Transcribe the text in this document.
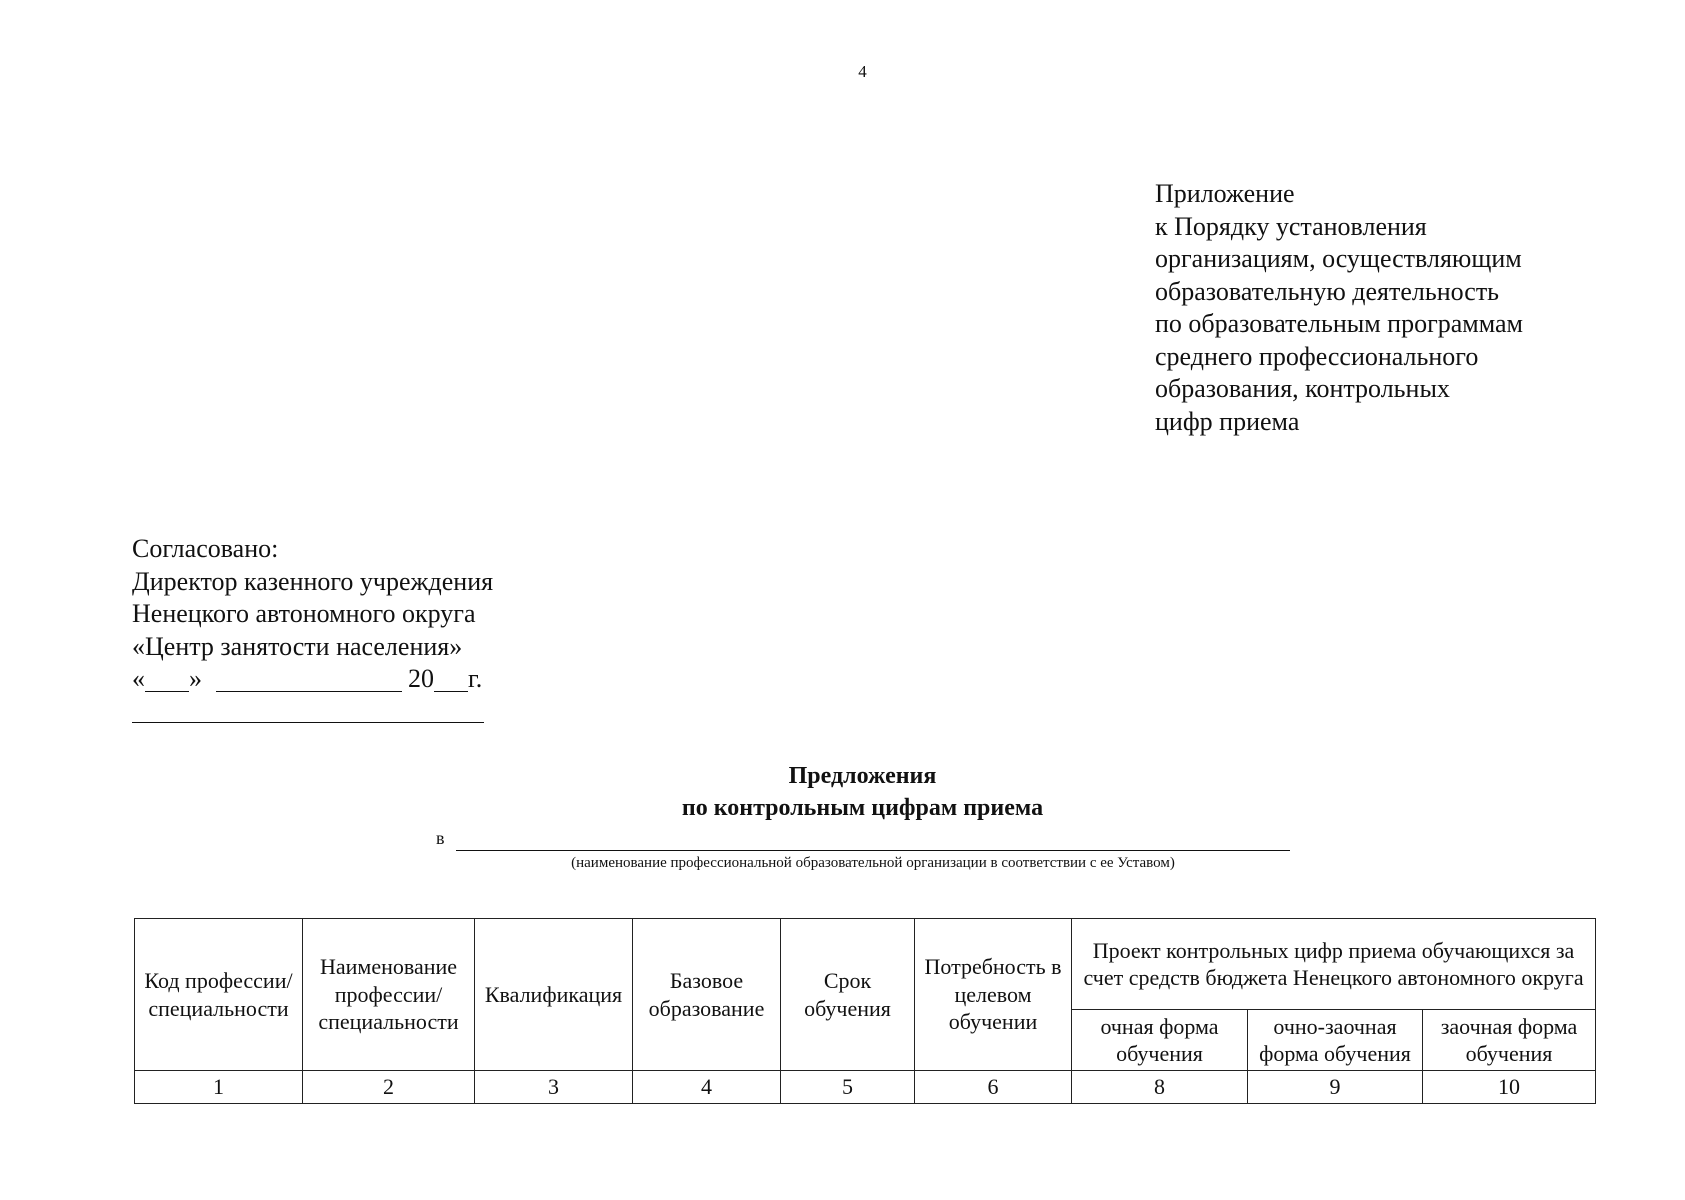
4
Приложение
к Порядку установления
организациям, осуществляющим
образовательную деятельность
по образовательным программам
среднего профессионального
образования, контрольных
цифр приема
Согласовано:
Директор казенного учреждения
Ненецкого автономного округа
«Центр занятости населения»
« »	20 г.
Предложения
по контрольным цифрам приема
в
(наименование профессиональной образовательной организации в соответствии с ее Уставом)
Код профессии/ специальности	Наименование профессии/ специальности	Квалификация	Базовое образование	Срок обучения	Потребность в целевом обучении	Проект контрольных цифр приема обучающихся за счет средств бюджета Ненецкого автономного округа		
						очная форма обучения	очно-заочная форма обучения	заочная форма обучения
1	2	3	4	5	6	8	9	10
